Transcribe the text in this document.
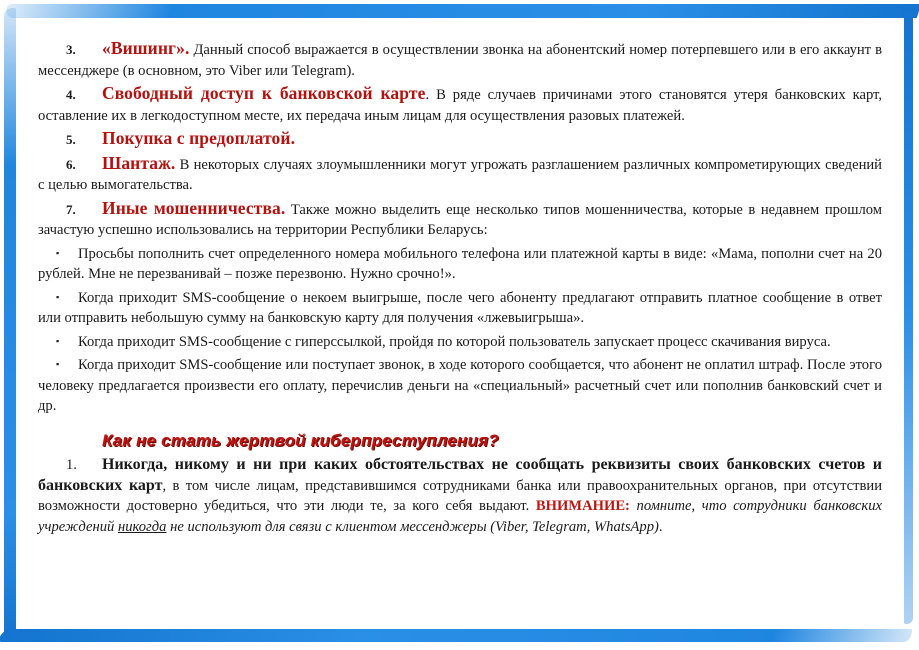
3. «Вишинг». Данный способ выражается в осуществлении звонка на абонентский номер потерпевшего или в его аккаунт в мессенджере (в основном, это Viber или Telegram).

4. Свободный доступ к банковской карте. В ряде случаев причинами этого становятся утеря банковских карт, оставление их в легкодоступном месте, их передача иным лицам для осуществления разовых платежей.

5. Покупка с предоплатой.

6. Шантаж. В некоторых случаях злоумышленники могут угрожать разглашением различных компрометирующих сведений с целью вымогательства.

7. Иные мошенничества. Также можно выделить еще несколько типов мошенничества, которые в недавнем прошлом зачастую успешно использовались на территории Республики Беларусь:

▪ Просьбы пополнить счет определенного номера мобильного телефона или платежной карты в виде: «Мама, пополни счет на 20 рублей. Мне не перезванивай – позже перезвоню. Нужно срочно!».

▪ Когда приходит SMS-сообщение о некоем выигрыше, после чего абоненту предлагают отправить платное сообщение в ответ или отправить небольшую сумму на банковскую карту для получения «лжевыигрыша».

▪ Когда приходит SMS-сообщение с гиперссылкой, пройдя по которой пользователь запускает процесс скачивания вируса.

▪ Когда приходит SMS-сообщение или поступает звонок, в ходе которого сообщается, что абонент не оплатил штраф. После этого человеку предлагается произвести его оплату, перечислив деньги на «специальный» расчетный счет или пополнив банковский счет и др.

Как не стать жертвой киберпреступления?

1. Никогда, никому и ни при каких обстоятельствах не сообщать реквизиты своих банковских счетов и банковских карт, в том числе лицам, представившимся сотрудниками банка или правоохранительных органов, при отсутствии возможности достоверно убедиться, что эти люди те, за кого себя выдают. ВНИМАНИЕ: помните, что сотрудники банковских учреждений никогда не используют для связи с клиентом мессенджеры (Viber, Telegram, WhatsApp).
